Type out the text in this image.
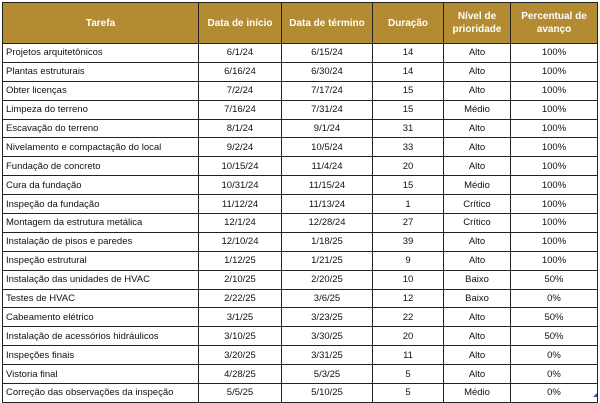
Tarefa	Data de início	Data de término	Duração	Nível de prioridade	Percentual de avanço
Projetos arquitetônicos	6/1/24	6/15/24	14	Alto	100%
Plantas estruturais	6/16/24	6/30/24	14	Alto	100%
Obter licenças	7/2/24	7/17/24	15	Alto	100%
Limpeza do terreno	7/16/24	7/31/24	15	Médio	100%
Escavação do terreno	8/1/24	9/1/24	31	Alto	100%
Nivelamento e compactação do local	9/2/24	10/5/24	33	Alto	100%
Fundação de concreto	10/15/24	11/4/24	20	Alto	100%
Cura da fundação	10/31/24	11/15/24	15	Médio	100%
Inspeção da fundação	11/12/24	11/13/24	1	Crítico	100%
Montagem da estrutura metálica	12/1/24	12/28/24	27	Crítico	100%
Instalação de pisos e paredes	12/10/24	1/18/25	39	Alto	100%
Inspeção estrutural	1/12/25	1/21/25	9	Alto	100%
Instalação das unidades de HVAC	2/10/25	2/20/25	10	Baixo	50%
Testes de HVAC	2/22/25	3/6/25	12	Baixo	0%
Cabeamento elétrico	3/1/25	3/23/25	22	Alto	50%
Instalação de acessórios hidráulicos	3/10/25	3/30/25	20	Alto	50%
Inspeções finais	3/20/25	3/31/25	11	Alto	0%
Vistoria final	4/28/25	5/3/25	5	Alto	0%
Correção das observações da inspeção	5/5/25	5/10/25	5	Médio	0%
